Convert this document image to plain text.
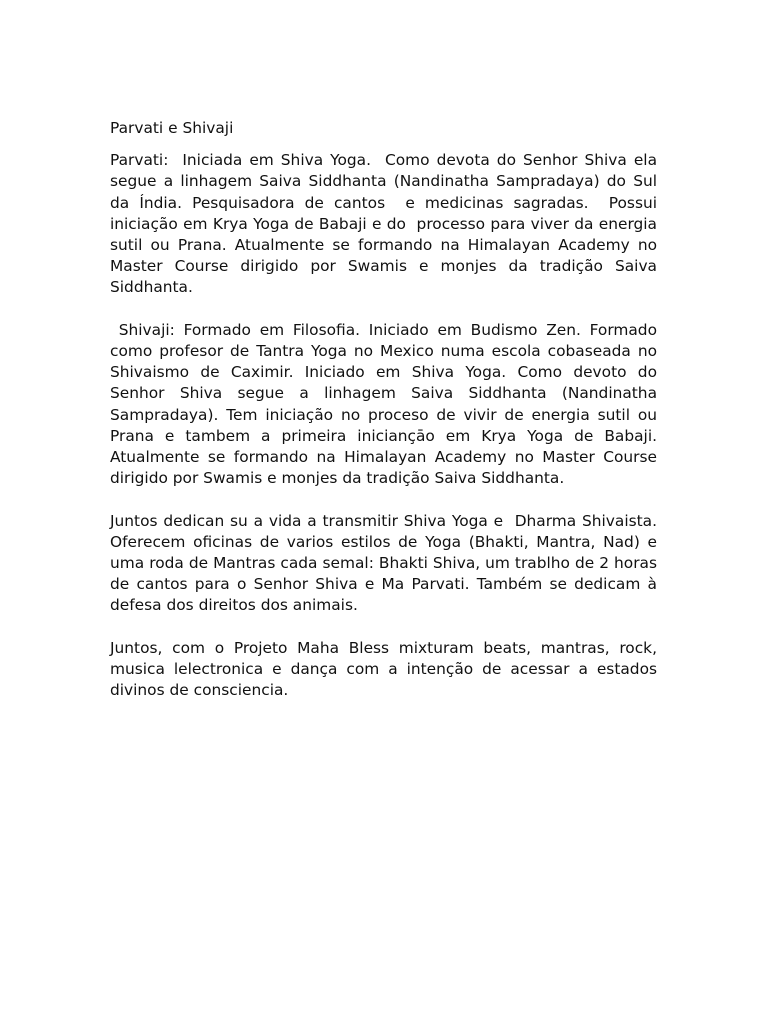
Parvati e Shivaji

Parvati:  Iniciada em Shiva Yoga.  Como devota do Senhor Shiva ela segue a linhagem Saiva Siddhanta (Nandinatha Sampradaya) do Sul da Índia. Pesquisadora de cantos  e medicinas sagradas.  Possui iniciação em Krya Yoga de Babaji e do  processo para viver da energia sutil ou Prana. Atualmente se formando na Himalayan Academy no Master Course dirigido por Swamis e monjes da tradição Saiva Siddhanta.

Shivaji: Formado em Filosofia. Iniciado em Budismo Zen. Formado como profesor de Tantra Yoga no Mexico numa escola cobaseada no Shivaismo de Caximir. Iniciado em Shiva Yoga. Como devoto do Senhor Shiva segue a linhagem Saiva Siddhanta (Nandinatha Sampradaya). Tem iniciação no proceso de vivir de energia sutil ou Prana e tambem a primeira iniciançāo em Krya Yoga de Babaji.  Atualmente se formando na Himalayan Academy no Master Course dirigido por Swamis e monjes da tradição Saiva Siddhanta.

Juntos dedican su a vida a transmitir Shiva Yoga e  Dharma Shivaista. Oferecem oficinas de varios estilos de Yoga (Bhakti, Mantra, Nad) e uma roda de Mantras cada semal: Bhakti Shiva, um trablho de 2 horas de cantos para o Senhor Shiva e Ma Parvati. Também se dedicam à defesa dos direitos dos animais.

Juntos, com o Projeto Maha Bless mixturam beats, mantras, rock, musica lelectronica e dança com a intenção de acessar a estados divinos de consciencia.
